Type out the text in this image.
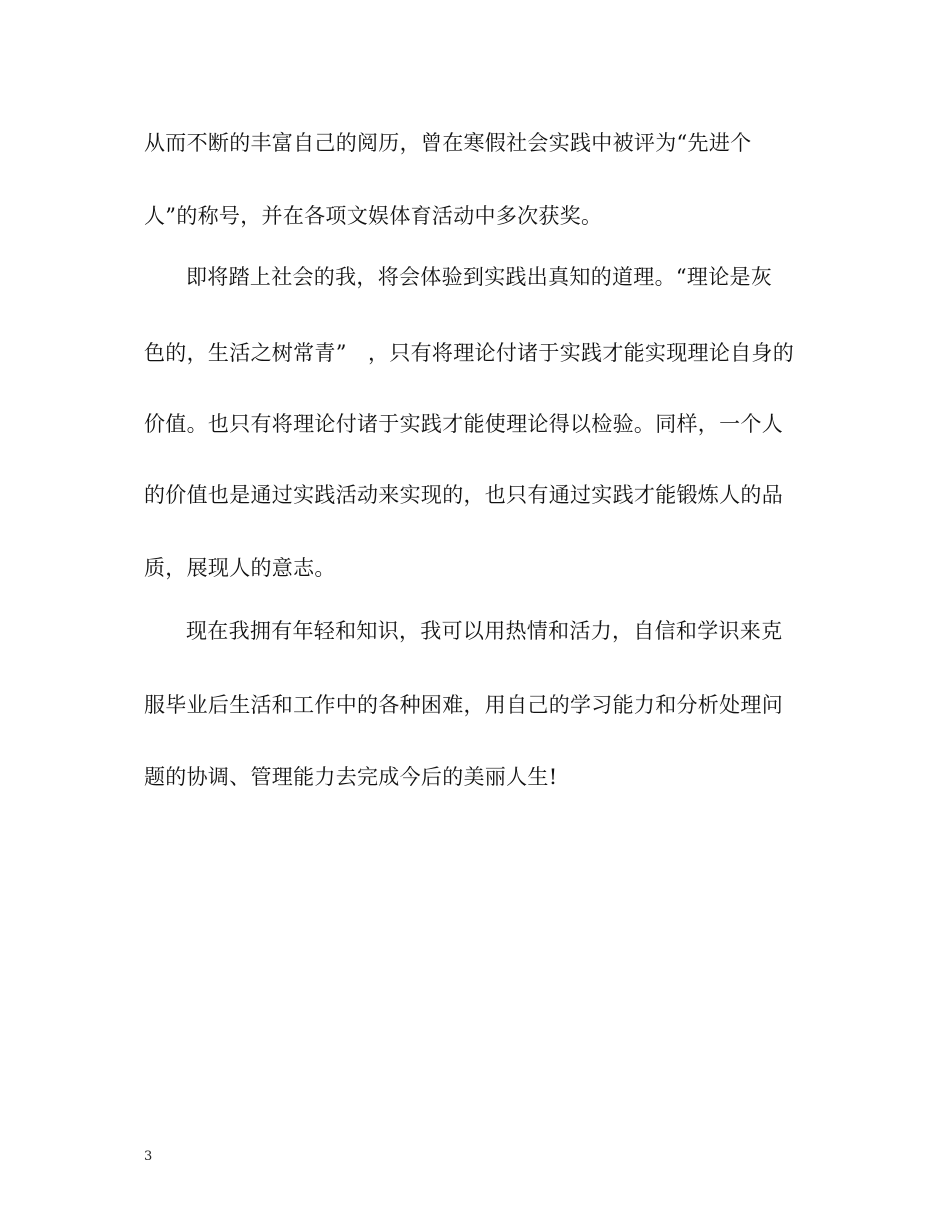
从而不断的丰富自己的阅历，曾在寒假社会实践中被评为“先进个
人”的称号，并在各项文娱体育活动中多次获奖。
即将踏上社会的我，将会体验到实践出真知的道理。“理论是灰
色的，生活之树常青”　，只有将理论付诸于实践才能实现理论自身的
价值。也只有将理论付诸于实践才能使理论得以检验。同样，一个人
的价值也是通过实践活动来实现的，也只有通过实践才能锻炼人的品
质，展现人的意志。
现在我拥有年轻和知识，我可以用热情和活力，自信和学识来克
服毕业后生活和工作中的各种困难，用自己的学习能力和分析处理问
题的协调、管理能力去完成今后的美丽人生!
3
